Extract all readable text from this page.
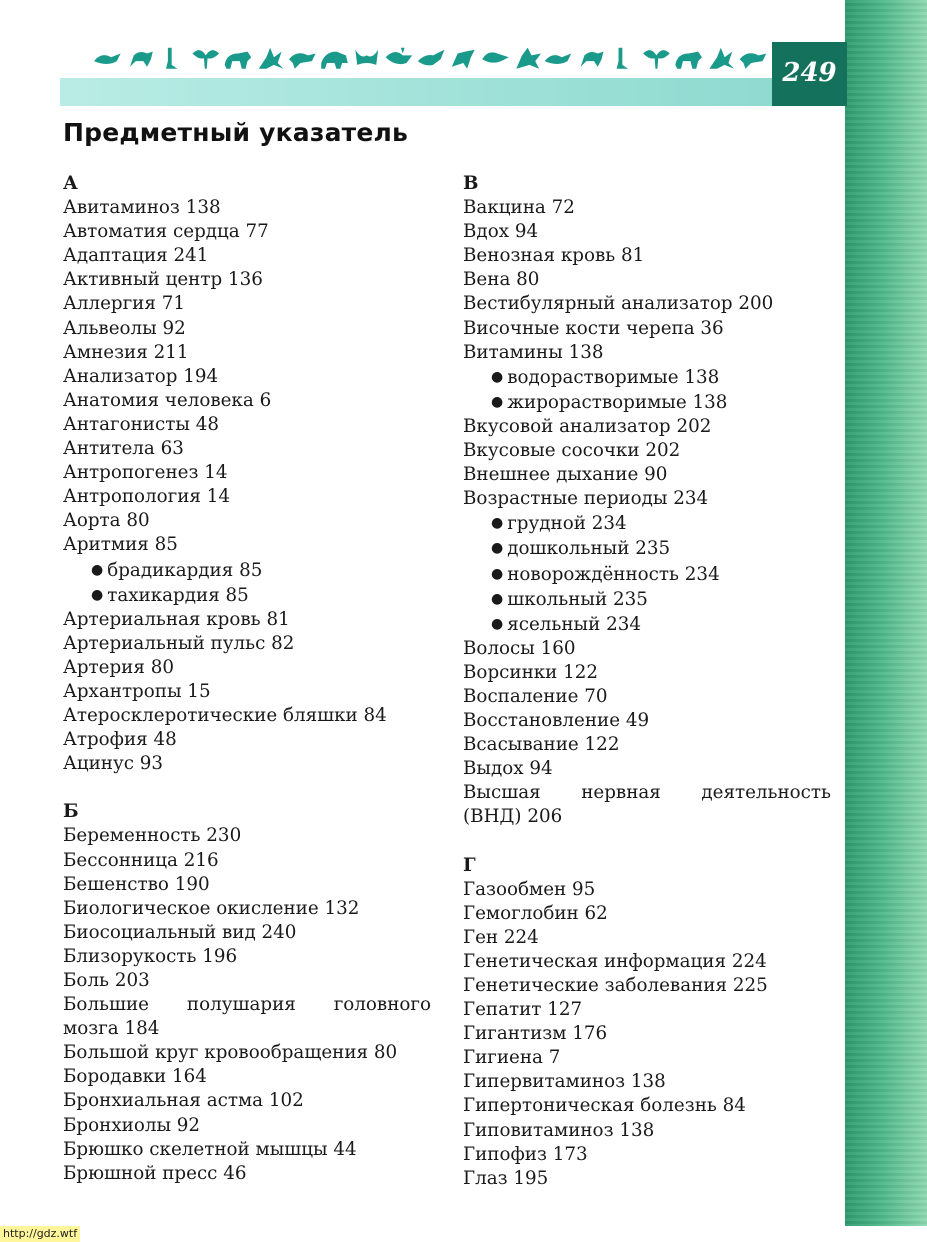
249
Предметный указатель
А
Авитаминоз 138
Автоматия сердца 77
Адаптация 241
Активный центр 136
Аллергия 71
Альвеолы 92
Амнезия 211
Анализатор 194
Анатомия человека 6
Антагонисты 48
Антитела 63
Антропогенез 14
Антропология 14
Аорта 80
Аритмия 85
● брадикардия 85
● тахикардия 85
Артериальная кровь 81
Артериальный пульс 82
Артерия 80
Архантропы 15
Атеросклеротические бляшки 84
Атрофия 48
Ацинус 93
Б
Беременность 230
Бессонница 216
Бешенство 190
Биологическое окисление 132
Биосоциальный вид 240
Близорукость 196
Боль 203
Большие полушария головного
мозга 184
Большой круг кровообращения 80
Бородавки 164
Бронхиальная астма 102
Бронхиолы 92
Брюшко скелетной мышцы 44
Брюшной пресс 46
В
Вакцина 72
Вдох 94
Венозная кровь 81
Вена 80
Вестибулярный анализатор 200
Височные кости черепа 36
Витамины 138
● водорастворимые 138
● жирорастворимые 138
Вкусовой анализатор 202
Вкусовые сосочки 202
Внешнее дыхание 90
Возрастные периоды 234
● грудной 234
● дошкольный 235
● новорождённость 234
● школьный 235
● ясельный 234
Волосы 160
Ворсинки 122
Воспаление 70
Восстановление 49
Всасывание 122
Выдох 94
Высшая нервная деятельность
(ВНД) 206
Г
Газообмен 95
Гемоглобин 62
Ген 224
Генетическая информация 224
Генетические заболевания 225
Гепатит 127
Гигантизм 176
Гигиена 7
Гипервитаминоз 138
Гипертоническая болезнь 84
Гиповитаминоз 138
Гипофиз 173
Глаз 195
http://gdz.wtf
